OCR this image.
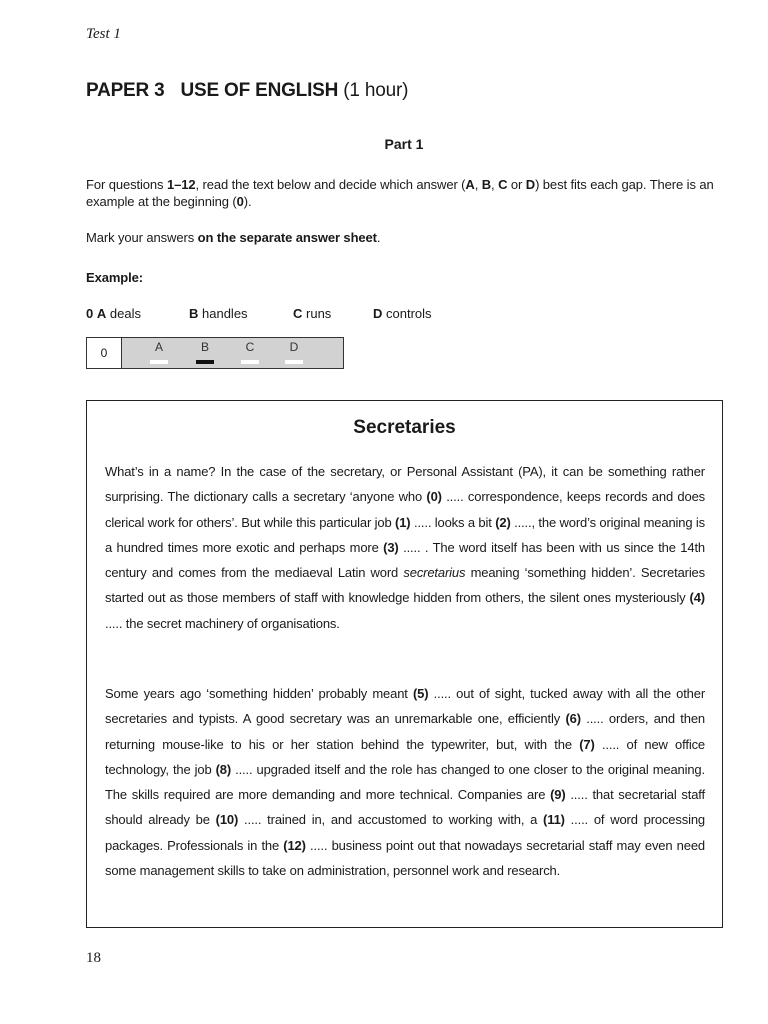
Test 1
PAPER 3 USE OF ENGLISH (1 hour)
Part 1
For questions 1–12, read the text below and decide which answer (A, B, C or D) best fits each gap. There is an example at the beginning (0).
Mark your answers on the separate answer sheet.
Example:
0 A deals	B handles	C runs	D controls
0	A	B	C	D
Secretaries
What’s in a name? In the case of the secretary, or Personal Assistant (PA), it can be something rather surprising. The dictionary calls a secretary ‘anyone who (0) ..... correspondence, keeps records and does clerical work for others’. But while this particular job (1) ..... looks a bit (2) ....., the word’s original meaning is a hundred times more exotic and perhaps more (3) ..... . The word itself has been with us since the 14th century and comes from the mediaeval Latin word secretarius meaning ‘something hidden’. Secretaries started out as those members of staff with knowledge hidden from others, the silent ones mysteriously (4) ..... the secret machinery of organisations.
Some years ago ‘something hidden’ probably meant (5) ..... out of sight, tucked away with all the other secretaries and typists. A good secretary was an unremarkable one, efficiently (6) ..... orders, and then returning mouse-like to his or her station behind the typewriter, but, with the (7) ..... of new office technology, the job (8) ..... upgraded itself and the role has changed to one closer to the original meaning. The skills required are more demanding and more technical. Companies are (9) ..... that secretarial staff should already be (10) ..... trained in, and accustomed to working with, a (11) ..... of word processing packages. Professionals in the (12) ..... business point out that nowadays secretarial staff may even need some management skills to take on administration, personnel work and research.
18
